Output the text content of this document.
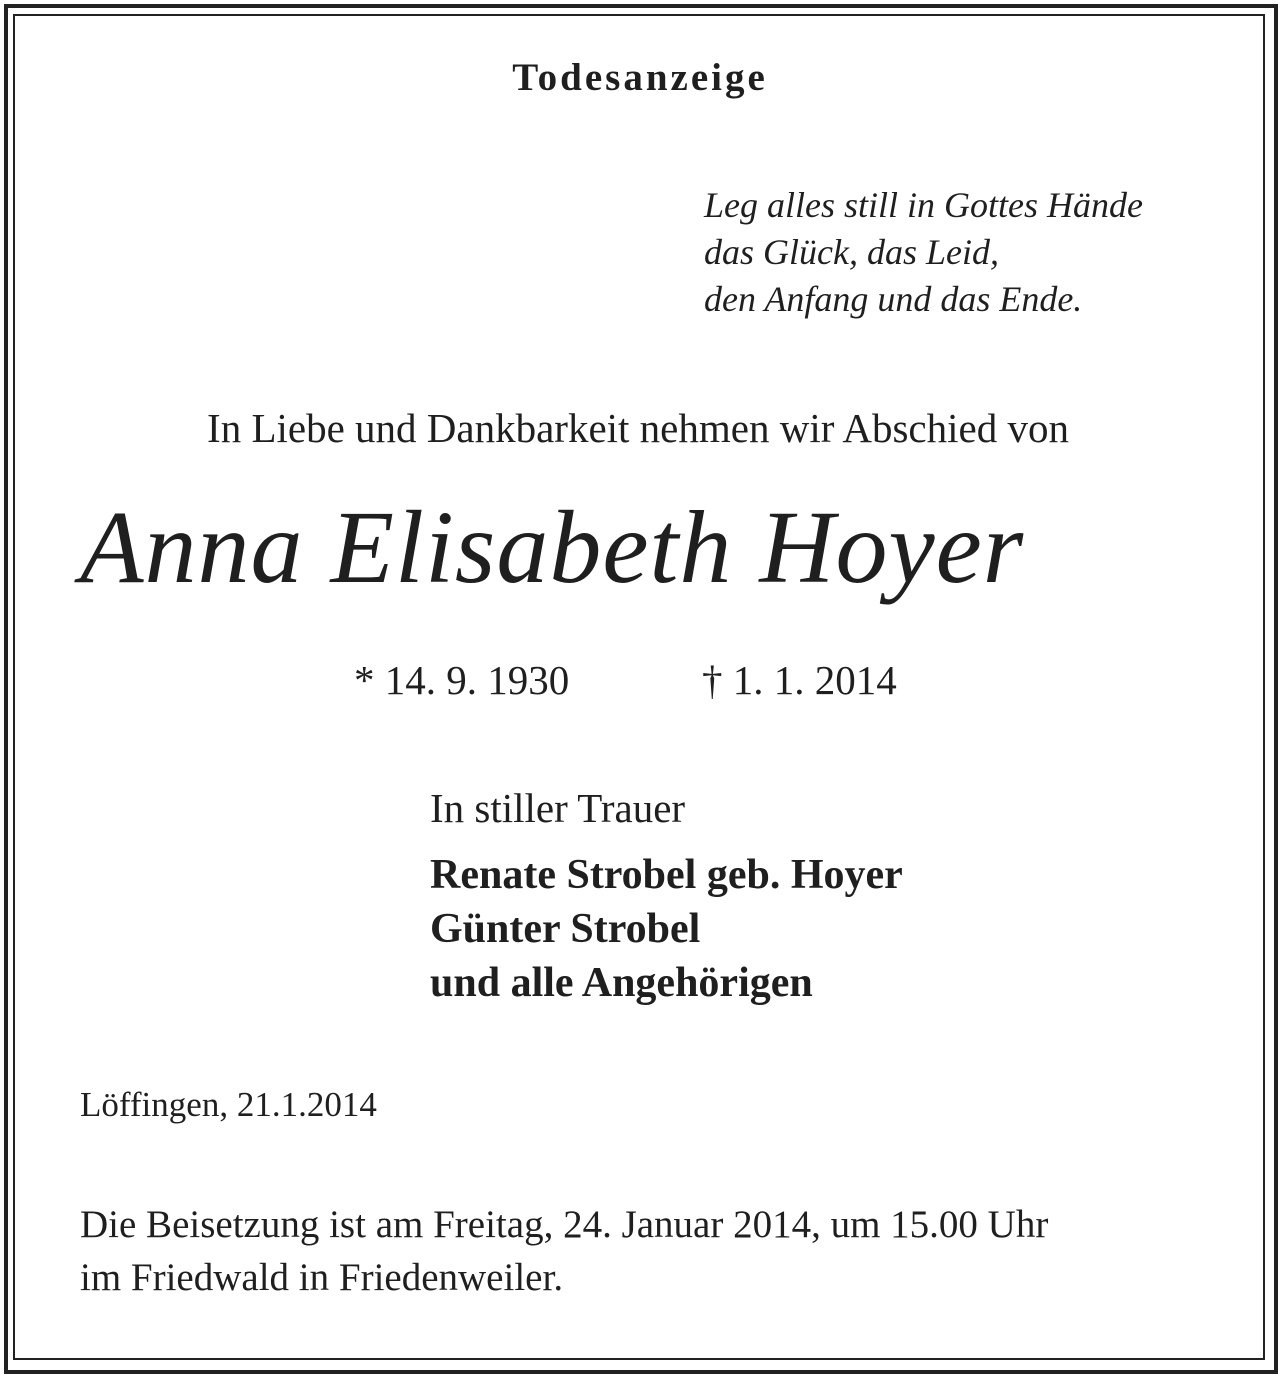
Todesanzeige
Leg alles still in Gottes Hände
das Glück, das Leid,
den Anfang und das Ende.

In Liebe und Dankbarkeit nehmen wir Abschied von

Anna Elisabeth Hoyer
* 14. 9. 1930	† 1. 1. 2014

In stiller Trauer

Renate Strobel geb. Hoyer
Günter Strobel
und alle Angehörigen

Löffingen, 21.1.2014

Die Beisetzung ist am Freitag, 24. Januar 2014, um 15.00 Uhr
im Friedwald in Friedenweiler.
